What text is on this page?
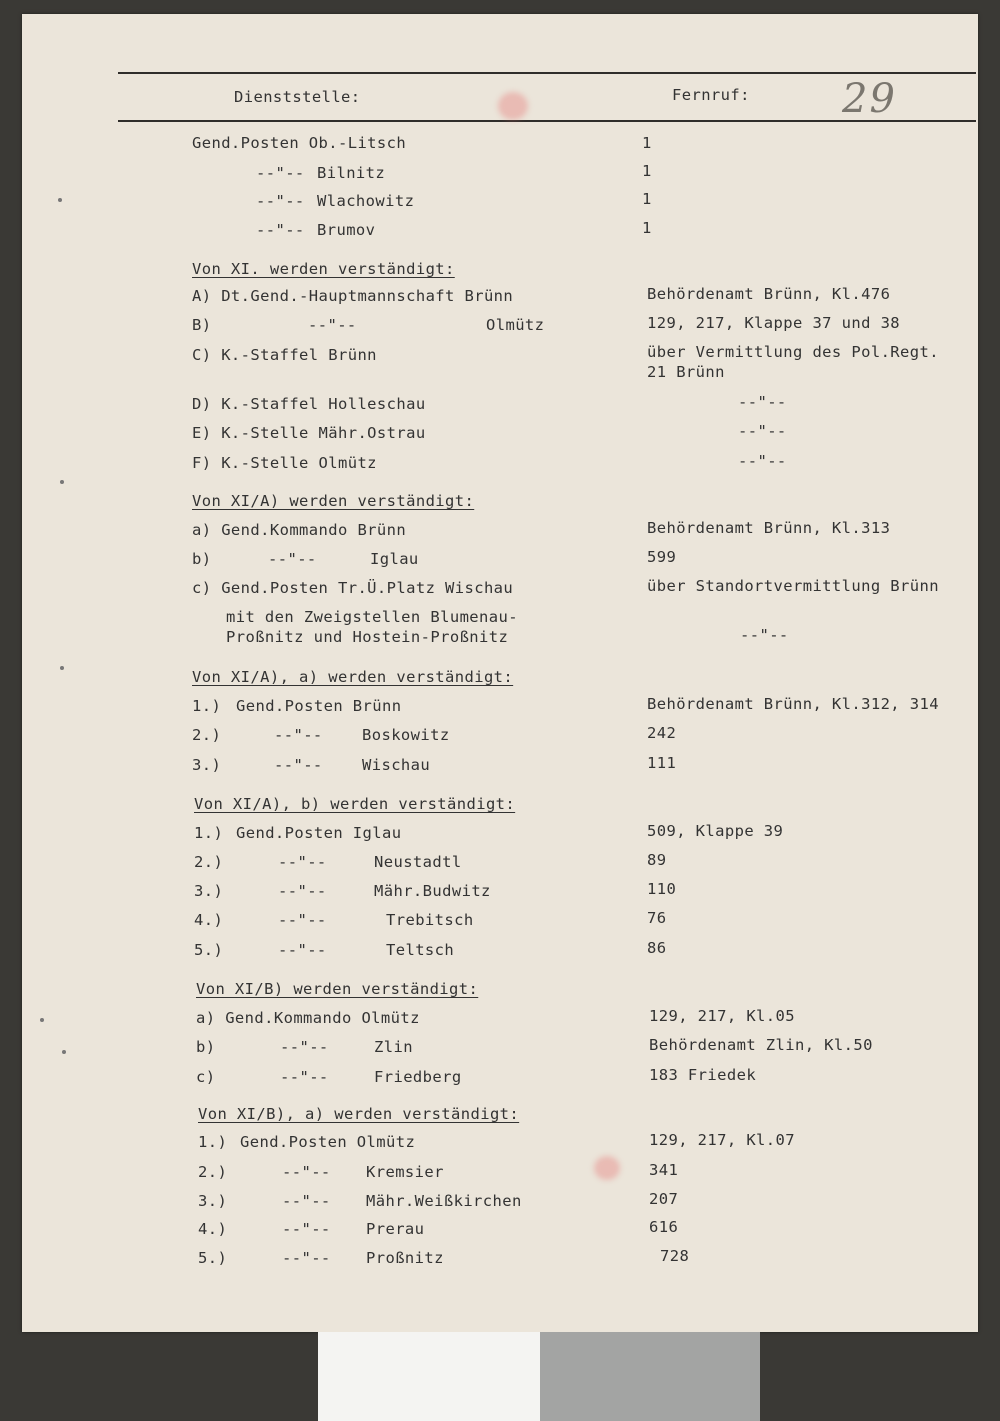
Dienststelle:	Fernruf: 29
Gend.Posten Ob.-Litsch	1
--"-- Bilnitz	1
--"-- Wlachowitz	1
--"-- Brumov	1
Von XI. werden verständigt:
A) Dt.Gend.-Hauptmannschaft Brünn	Behördenamt Brünn, Kl.476
B)	--"--	Olmütz	129, 217, Klappe 37 und 38
C) K.-Staffel Brünn	über Vermittlung des Pol.Regt.
21 Brünn
D) K.-Staffel Holleschau	--"--
E) K.-Stelle Mähr.Ostrau	--"--
F) K.-Stelle Olmütz	--"--
Von XI/A) werden verständigt:
a) Gend.Kommando Brünn	Behördenamt Brünn, Kl.313
b)	--"--	Iglau	599
c) Gend.Posten Tr.Ü.Platz Wischau	über Standortvermittlung Brünn
mit den Zweigstellen Blumenau-
Proßnitz und Hostein-Proßnitz	--"--
Von XI/A), a) werden verständigt:
1.) Gend.Posten Brünn	Behördenamt Brünn, Kl.312, 314
2.)	--"--	Boskowitz	242
3.)	--"--	Wischau	111
Von XI/A), b) werden verständigt:
1.) Gend.Posten Iglau	509, Klappe 39
2.)	--"--	Neustadtl	89
3.)	--"--	Mähr.Budwitz	110
4.)	--"--	Trebitsch	76
5.)	--"--	Teltsch	86
Von XI/B) werden verständigt:
a) Gend.Kommando Olmütz	129, 217, Kl.05
b)	--"--	Zlin	Behördenamt Zlin, Kl.50
c)	--"--	Friedberg	183 Friedek
Von XI/B), a) werden verständigt:
1.) Gend.Posten Olmütz	129, 217, Kl.07
2.)	--"-- Kremsier	341
3.)	--"-- Mähr.Weißkirchen	207
4.)	--"-- Prerau	616
5.)	--"-- Proßnitz	728
